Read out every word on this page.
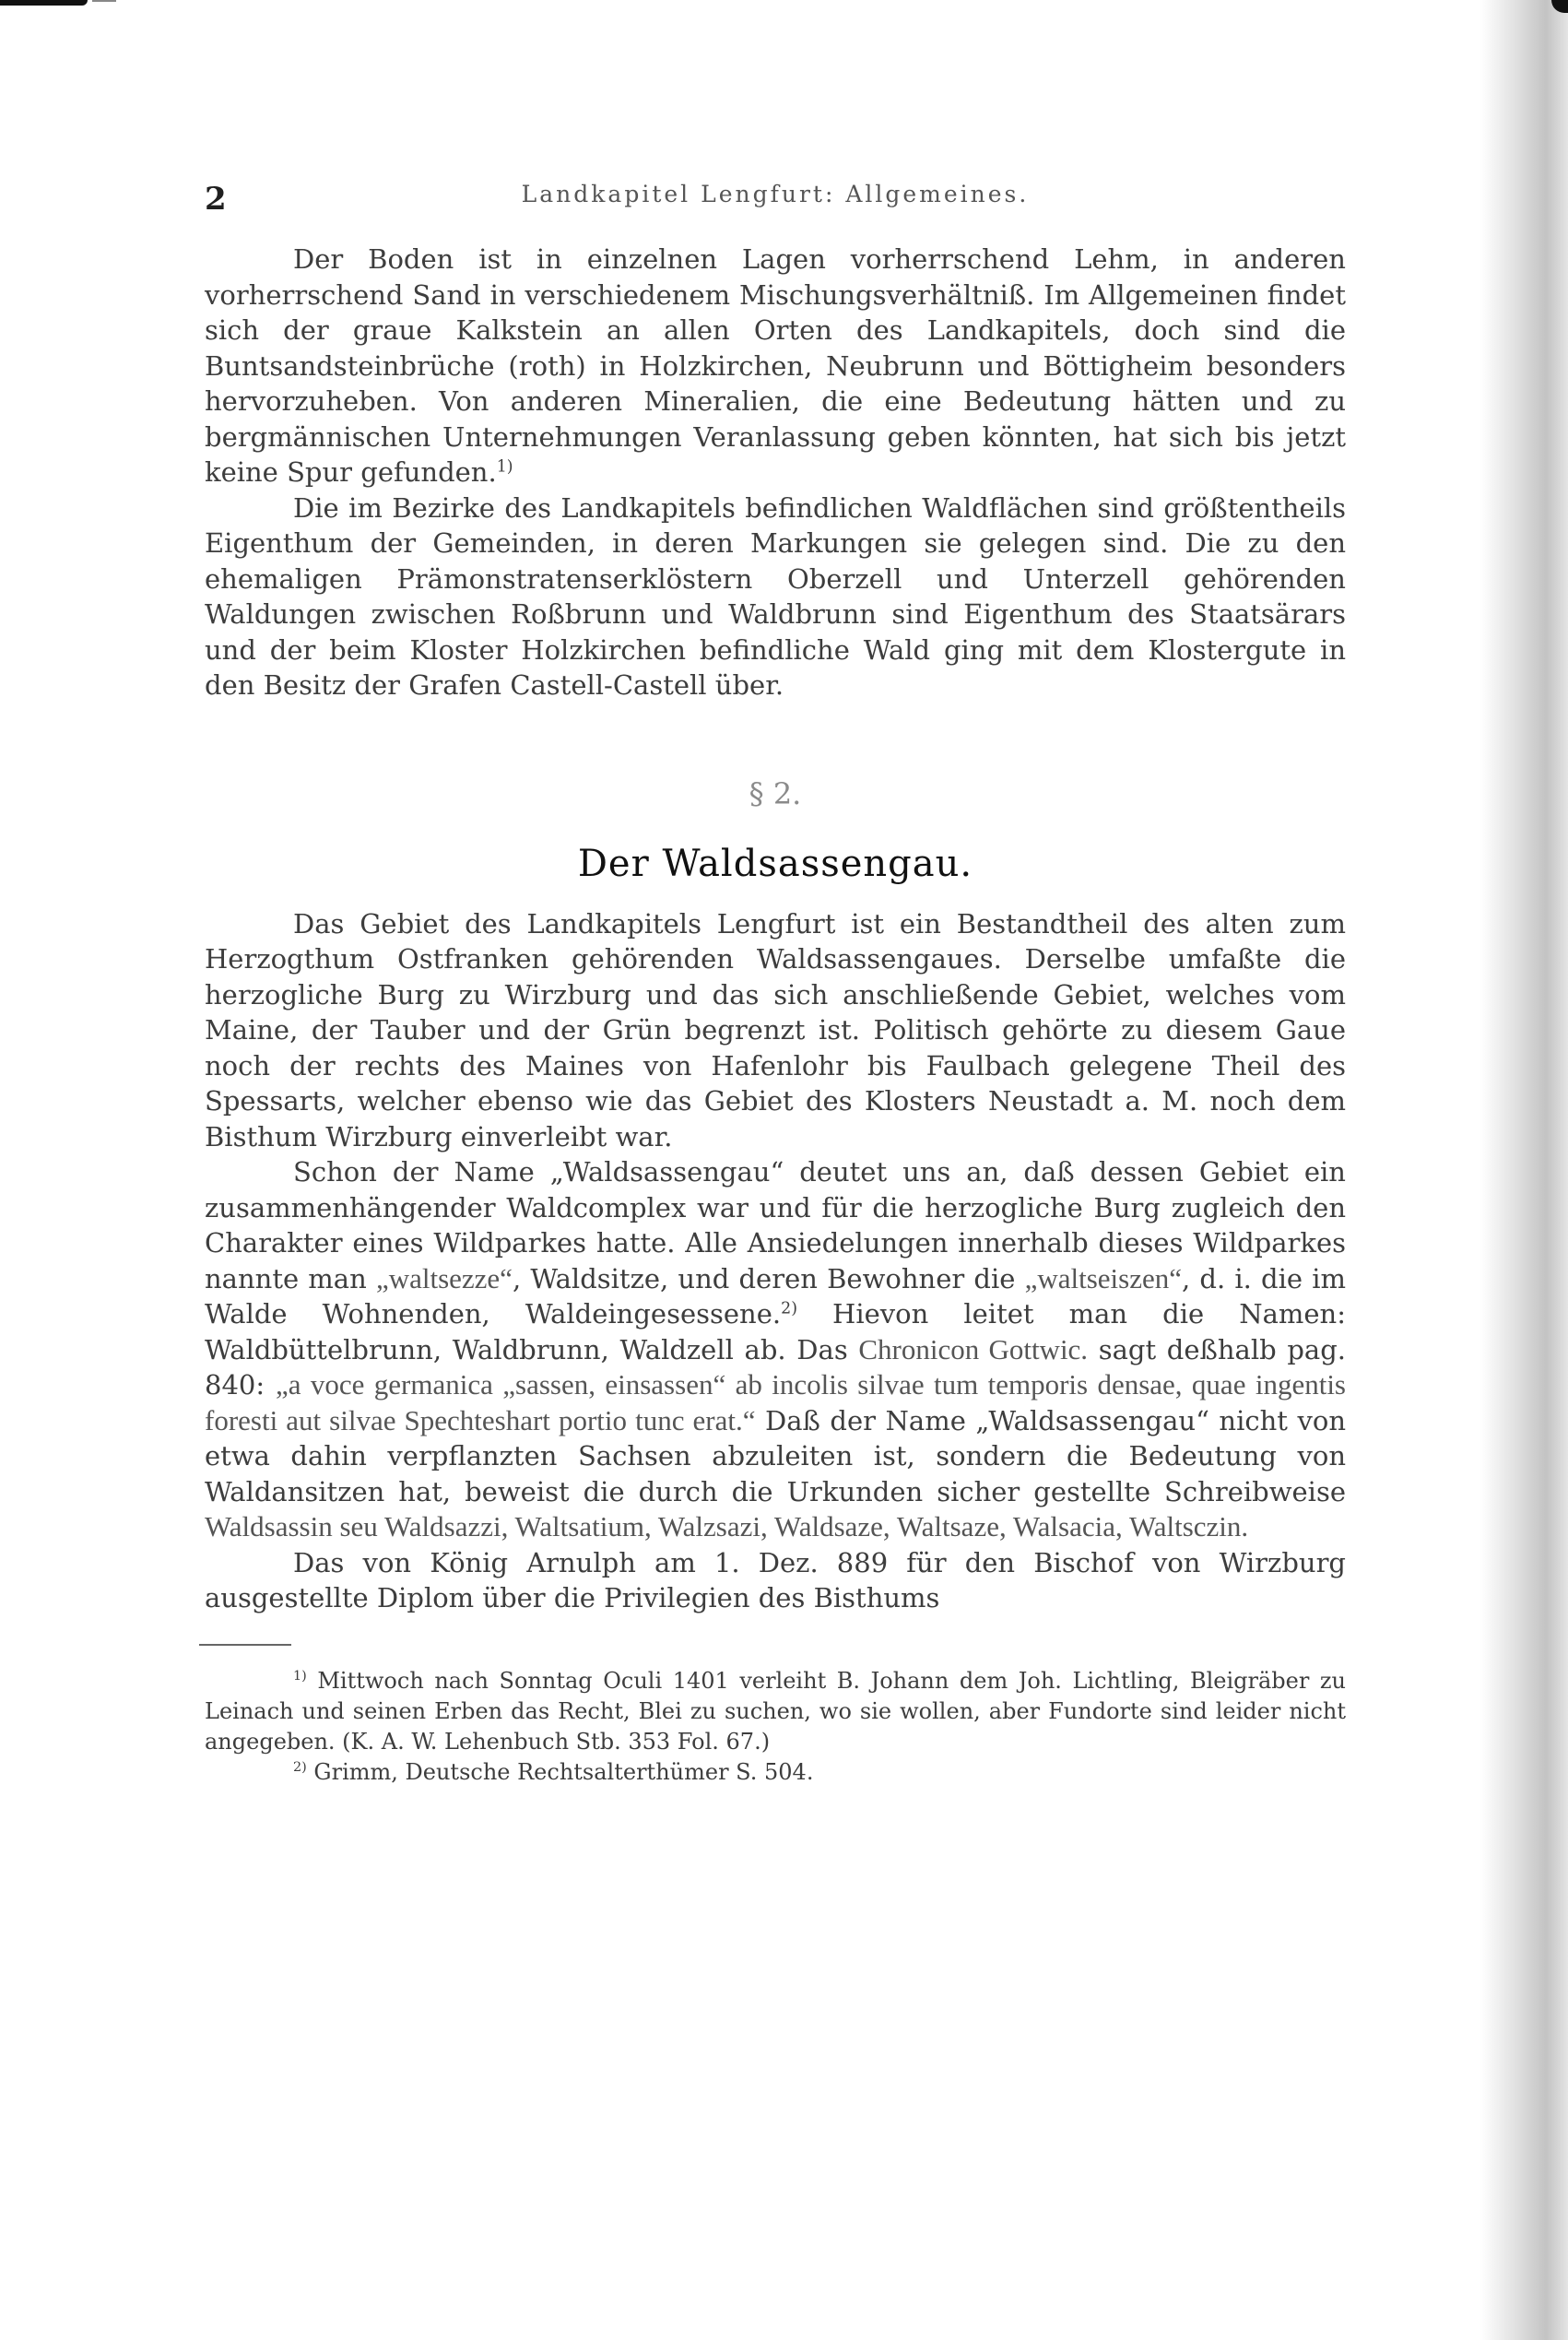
2	Landkapitel Lengfurt: Allgemeines.

Der Boden ist in einzelnen Lagen vorherrschend Lehm, in anderen vorherrschend Sand in verschiedenem Mischungsverhältniß. Im Allgemeinen findet sich der graue Kalkstein an allen Orten des Landkapitels, doch sind die Buntsandsteinbrüche (roth) in Holzkirchen, Neubrunn und Böttigheim besonders hervorzuheben. Von anderen Mineralien, die eine Bedeutung hätten und zu bergmännischen Unternehmungen Veranlassung geben könnten, hat sich bis jetzt keine Spur gefunden.$^{1)}$

Die im Bezirke des Landkapitels befindlichen Waldflächen sind größtentheils Eigenthum der Gemeinden, in deren Markungen sie gelegen sind. Die zu den ehemaligen Prämonstratenserklöstern Oberzell und Unterzell gehörenden Waldungen zwischen Roßbrunn und Waldbrunn sind Eigenthum des Staatsärars und der beim Kloster Holzkirchen befindliche Wald ging mit dem Klostergute in den Besitz der Grafen Castell-Castell über.

§ 2.
Der Waldsassengau.

Das Gebiet des Landkapitels Lengfurt ist ein Bestandtheil des alten zum Herzogthum Ostfranken gehörenden Waldsassengaues. Derselbe umfaßte die herzogliche Burg zu Wirzburg und das sich anschließende Gebiet, welches vom Maine, der Tauber und der Grün begrenzt ist. Politisch gehörte zu diesem Gaue noch der rechts des Maines von Hafenlohr bis Faulbach gelegene Theil des Spessarts, welcher ebenso wie das Gebiet des Klosters Neustadt a. M. noch dem Bisthum Wirzburg einverleibt war.

Schon der Name „Waldsassengau“ deutet uns an, daß dessen Gebiet ein zusammenhängender Waldcomplex war und für die herzogliche Burg zugleich den Charakter eines Wildparkes hatte. Alle Ansiedelungen innerhalb dieses Wildparkes nannte man „waltsezze“, Waldsitze, und deren Bewohner die „waltseiszen“, d. i. die im Walde Wohnenden, Waldeingesessene.$^{2)}$ Hievon leitet man die Namen: Waldbüttelbrunn, Waldbrunn, Waldzell ab. Das Chronicon Gottwic. sagt deßhalb pag. 840: „a voce germanica „sassen, einsassen“ ab incolis silvae tum temporis densae, quae ingentis foresti aut silvae Spechteshart portio tunc erat.“ Daß der Name „Waldsassengau“ nicht von etwa dahin verpflanzten Sachsen abzuleiten ist, sondern die Bedeutung von Waldansitzen hat, beweist die durch die Urkunden sicher gestellte Schreibweise Waldsassin seu Waldsazzi, Waltsatium, Walzsazi, Waldsaze, Waltsaze, Walsacia, Waltsczin.

Das von König Arnulph am 1. Dez. 889 für den Bischof von Wirzburg ausgestellte Diplom über die Privilegien des Bisthums

$^{1)}$ Mittwoch nach Sonntag Oculi 1401 verleiht B. Johann dem Joh. Lichtling, Bleigräber zu Leinach und seinen Erben das Recht, Blei zu suchen, wo sie wollen, aber Fundorte sind leider nicht angegeben. (K. A. W. Lehenbuch Stb. 353 Fol. 67.)

$^{2)}$ Grimm, Deutsche Rechtsalterthümer S. 504.
